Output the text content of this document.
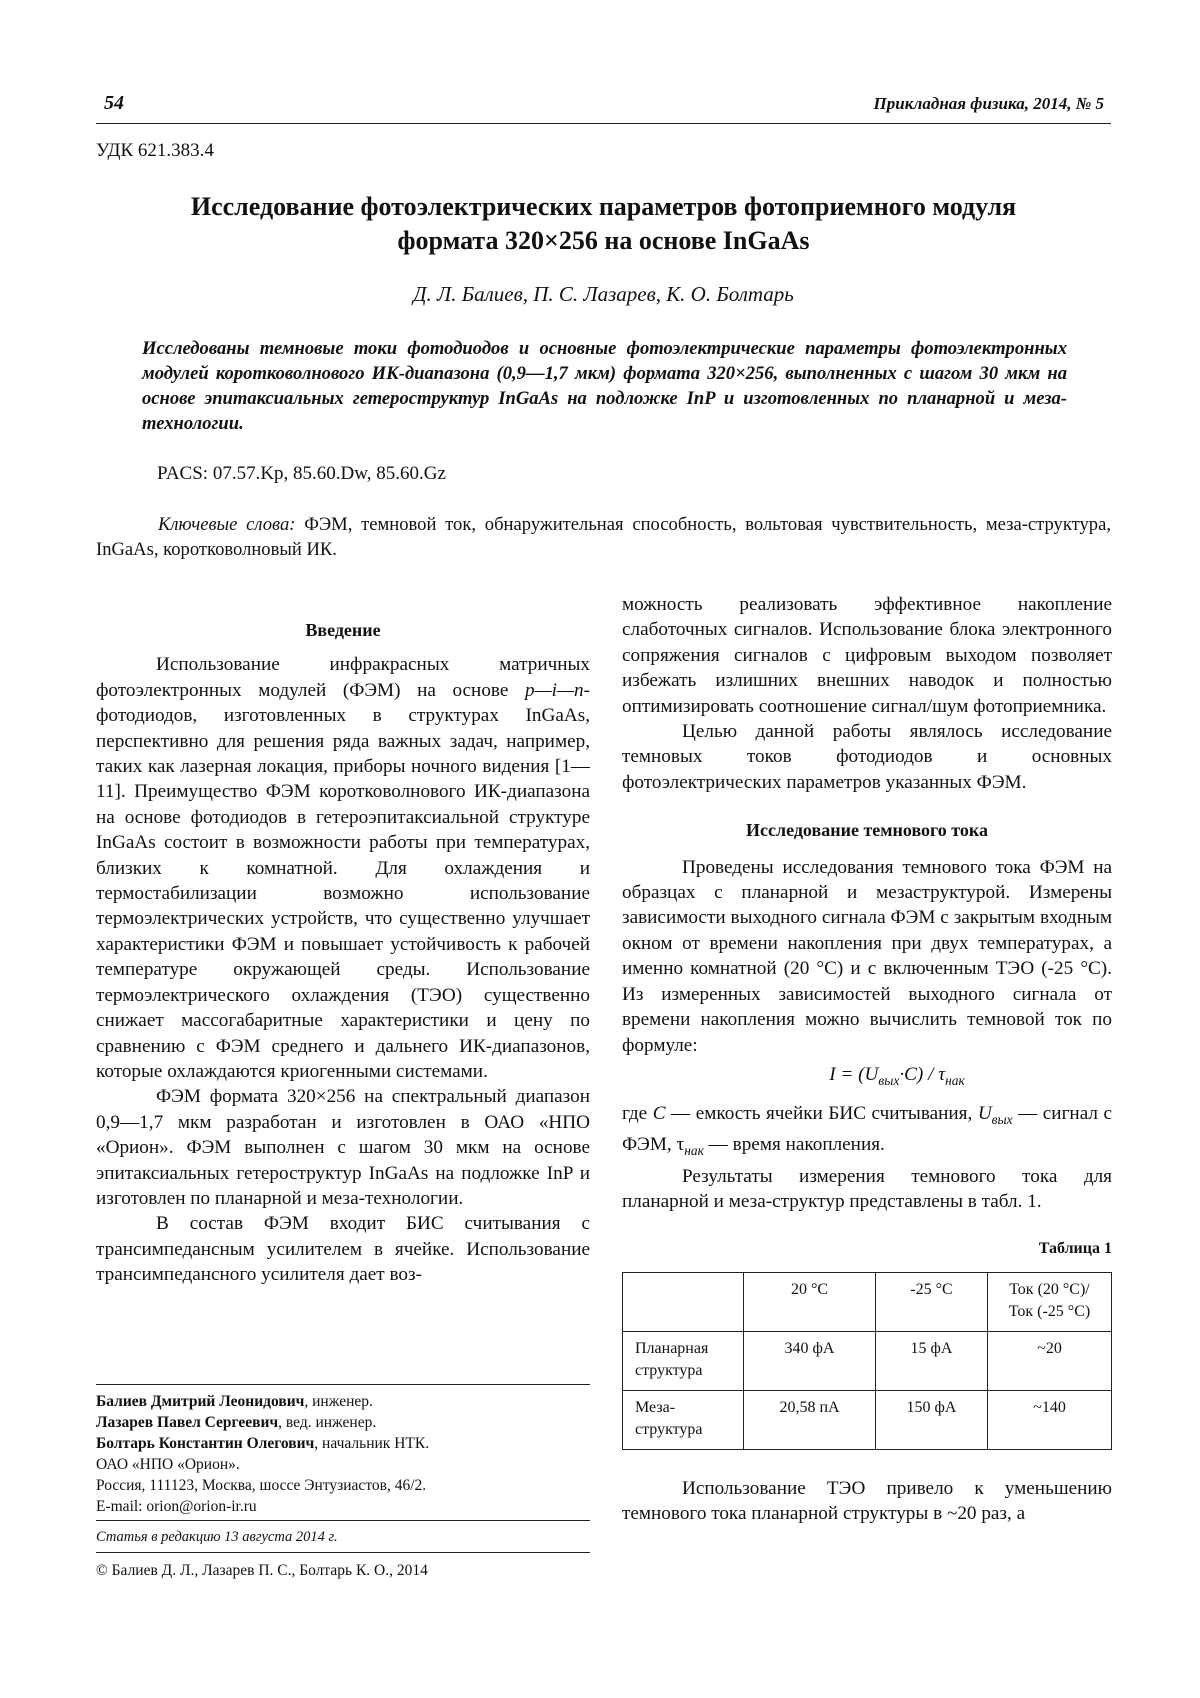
54	Прикладная физика, 2014, № 5
УДК 621.383.4
Исследование фотоэлектрических параметров фотоприемного модуля
формата 320×256 на основе InGaAs
Д. Л. Балиев, П. С. Лазарев, К. О. Болтарь
Исследованы темновые токи фотодиодов и основные фотоэлектрические параметры фотоэлектронных модулей коротковолнового ИК-диапазона (0,9—1,7 мкм) формата 320×256, выполненных с шагом 30 мкм на основе эпитаксиальных гетероструктур InGaAs на подложке InP и изготовленных по планарной и меза-технологии.
PACS: 07.57.Kp, 85.60.Dw, 85.60.Gz
Ключевые слова: ФЭМ, темновой ток, обнаружительная способность, вольтовая чувствительность, меза-структура, InGaAs, коротковолновый ИК.

Введение

Использование инфракрасных матричных фотоэлектронных модулей (ФЭМ) на основе p—i—n-фотодиодов, изготовленных в структурах InGaAs, перспективно для решения ряда важных задач, например, таких как лазерная локация, приборы ночного видения [1—11]. Преимущество ФЭМ коротковолнового ИК-диапазона на основе фотодиодов в гетероэпитаксиальной структуре InGaAs состоит в возможности работы при температурах, близких к комнатной. Для охлаждения и термостабилизации возможно использование термоэлектрических устройств, что существенно улучшает характеристики ФЭМ и повышает устойчивость к рабочей температуре окружающей среды. Использование термоэлектрического охлаждения (ТЭО) существенно снижает массогабаритные характеристики и цену по сравнению с ФЭМ среднего и дальнего ИК-диапазонов, которые охлаждаются криогенными системами.

ФЭМ формата 320×256 на спектральный диапазон 0,9—1,7 мкм разработан и изготовлен в ОАО «НПО «Орион». ФЭМ выполнен с шагом 30 мкм на основе эпитаксиальных гетероструктур InGaAs на подложке InP и изготовлен по планарной и меза-технологии.

В состав ФЭМ входит БИС считывания с трансимпедансным усилителем в ячейке. Использование трансимпедансного усилителя дает воз-

можность реализовать эффективное накопление слаботочных сигналов. Использование блока электронного сопряжения сигналов с цифровым выходом позволяет избежать излишних внешних наводок и полностью оптимизировать соотношение сигнал/шум фотоприемника.

Целью данной работы являлось исследование темновых токов фотодиодов и основных фотоэлектрических параметров указанных ФЭМ.

Исследование темнового тока

Проведены исследования темнового тока ФЭМ на образцах с планарной и мезаструктурой. Измерены зависимости выходного сигнала ФЭМ с закрытым входным окном от времени накопления при двух температурах, а именно комнатной (20 °С) и с включенным ТЭО (-25 °С). Из измеренных зависимостей выходного сигнала от времени накопления можно вычислить темновой ток по формуле:

$I = (U_{вых}\cdot C) / \tau_{нак}$

где C — емкость ячейки БИС считывания, $U_{вых}$ — сигнал с ФЭМ, $\tau_{нак}$ — время накопления.

Результаты измерения темнового тока для планарной и меза-структур представлены в табл. 1.

Таблица 1
	20 °С	-25 °С	Ток (20 °С)/ Ток (-25 °С)
Планарная структура	340 фА	15 фА	~20
Меза-структура	20,58 пА	150 фА	~140

Использование ТЭО привело к уменьшению темнового тока планарной структуры в ~20 раз, а

Балиев Дмитрий Леонидович, инженер.
Лазарев Павел Сергеевич, вед. инженер.
Болтарь Константин Олегович, начальник НТК.
ОАО «НПО «Орион».
Россия, 111123, Москва, шоссе Энтузиастов, 46/2.
E-mail: orion@orion-ir.ru
Статья в редакцию 13 августа 2014 г.
© Балиев Д. Л., Лазарев П. С., Болтарь К. О., 2014
